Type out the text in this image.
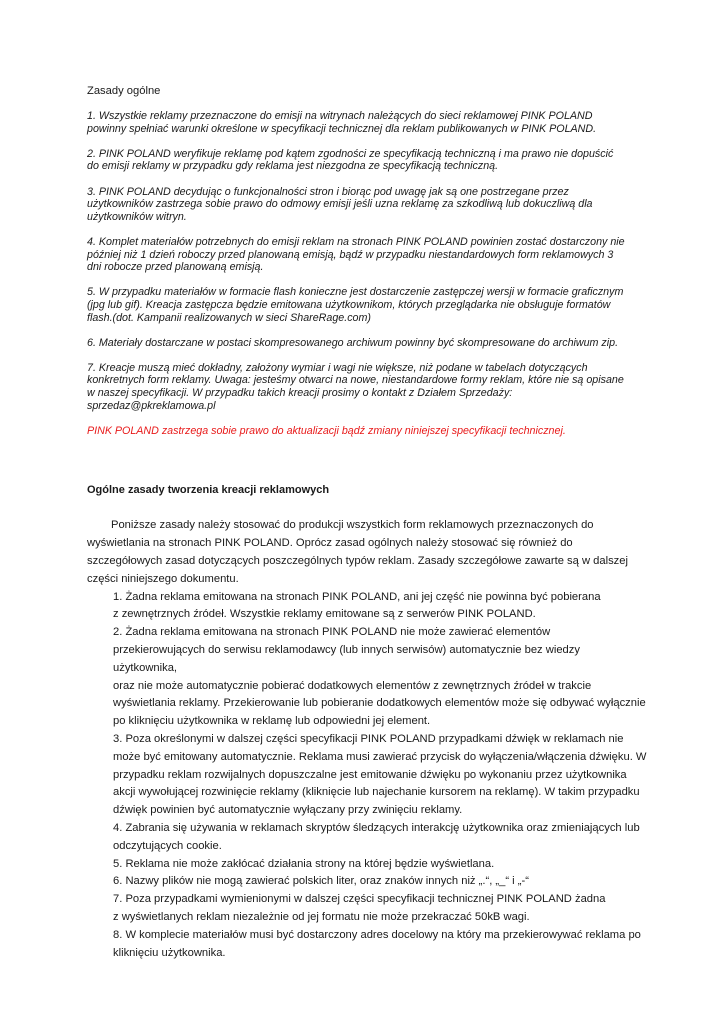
Zasady ogólne

1. Wszystkie reklamy przeznaczone do emisji na witrynach należących do sieci reklamowej PINK POLAND
powinny spełniać warunki określone w specyfikacji technicznej dla reklam publikowanych w PINK POLAND.

2. PINK POLAND weryfikuje reklamę pod kątem zgodności ze specyfikacją techniczną i ma prawo nie dopuścić
do emisji reklamy w przypadku gdy reklama jest niezgodna ze specyfikacją techniczną.

3. PINK POLAND decydując o funkcjonalności stron i biorąc pod uwagę jak są one postrzegane przez
użytkowników zastrzega sobie prawo do odmowy emisji jeśli uzna reklamę za szkodliwą lub dokuczliwą dla
użytkowników witryn.

4. Komplet materiałów potrzebnych do emisji reklam na stronach PINK POLAND powinien zostać dostarczony nie
później niż 1 dzień roboczy przed planowaną emisją, bądź w przypadku niestandardowych form reklamowych 3
dni robocze przed planowaną emisją.

5. W przypadku materiałów w formacie flash konieczne jest dostarczenie zastępczej wersji w formacie graficznym
(jpg lub gif). Kreacja zastępcza będzie emitowana użytkownikom, których przeglądarka nie obsługuje formatów
flash.(dot. Kampanii realizowanych w sieci ShareRage.com)

6. Materiały dostarczane w postaci skompresowanego archiwum powinny być skompresowane do archiwum zip.

7. Kreacje muszą mieć dokładny, założony wymiar i wagi nie większe, niż podane w tabelach dotyczących
konkretnych form reklamy. Uwaga: jesteśmy otwarci na nowe, niestandardowe formy reklam, które nie są opisane
w naszej specyfikacji. W przypadku takich kreacji prosimy o kontakt z Działem Sprzedaży:
sprzedaz@pkreklamowa.pl

PINK POLAND zastrzega sobie prawo do aktualizacji bądź zmiany niniejszej specyfikacji technicznej.

Ogólne zasady tworzenia kreacji reklamowych

Poniższe zasady należy stosować do produkcji wszystkich form reklamowych przeznaczonych do wyświetlania na stronach PINK POLAND. Oprócz zasad ogólnych należy stosować się również do szczegółowych zasad dotyczących poszczególnych typów reklam. Zasady szczegółowe zawarte są w dalszej części niniejszego dokumentu.

1. Żadna reklama emitowana na stronach PINK POLAND, ani jej część nie powinna być pobierana
z zewnętrznych źródeł. Wszystkie reklamy emitowane są z serwerów PINK POLAND.
2. Żadna reklama emitowana na stronach PINK POLAND nie może zawierać elementów
przekierowujących do serwisu reklamodawcy (lub innych serwisów) automatycznie bez wiedzy użytkownika,
oraz nie może automatycznie pobierać dodatkowych elementów z zewnętrznych źródeł w trakcie
wyświetlania reklamy. Przekierowanie lub pobieranie dodatkowych elementów może się odbywać wyłącznie
po kliknięciu użytkownika w reklamę lub odpowiedni jej element.
3. Poza określonymi w dalszej części specyfikacji PINK POLAND przypadkami dźwięk w reklamach nie
może być emitowany automatycznie. Reklama musi zawierać przycisk do wyłączenia/włączenia dźwięku. W
przypadku reklam rozwijalnych dopuszczalne jest emitowanie dźwięku po wykonaniu przez użytkownika
akcji wywołującej rozwinięcie reklamy (kliknięcie lub najechanie kursorem na reklamę). W takim przypadku
dźwięk powinien być automatycznie wyłączany przy zwinięciu reklamy.
4. Zabrania się używania w reklamach skryptów śledzących interakcję użytkownika oraz zmieniających lub
odczytujących cookie.
5. Reklama nie może zakłócać działania strony na której będzie wyświetlana.
6. Nazwy plików nie mogą zawierać polskich liter, oraz znaków innych niż „.“, „_“ i „-“
7. Poza przypadkami wymienionymi w dalszej części specyfikacji technicznej PINK POLAND żadna
z wyświetlanych reklam niezależnie od jej formatu nie może przekraczać 50kB wagi.
8. W komplecie materiałów musi być dostarczony adres docelowy na który ma przekierowywać reklama po
kliknięciu użytkownika.
